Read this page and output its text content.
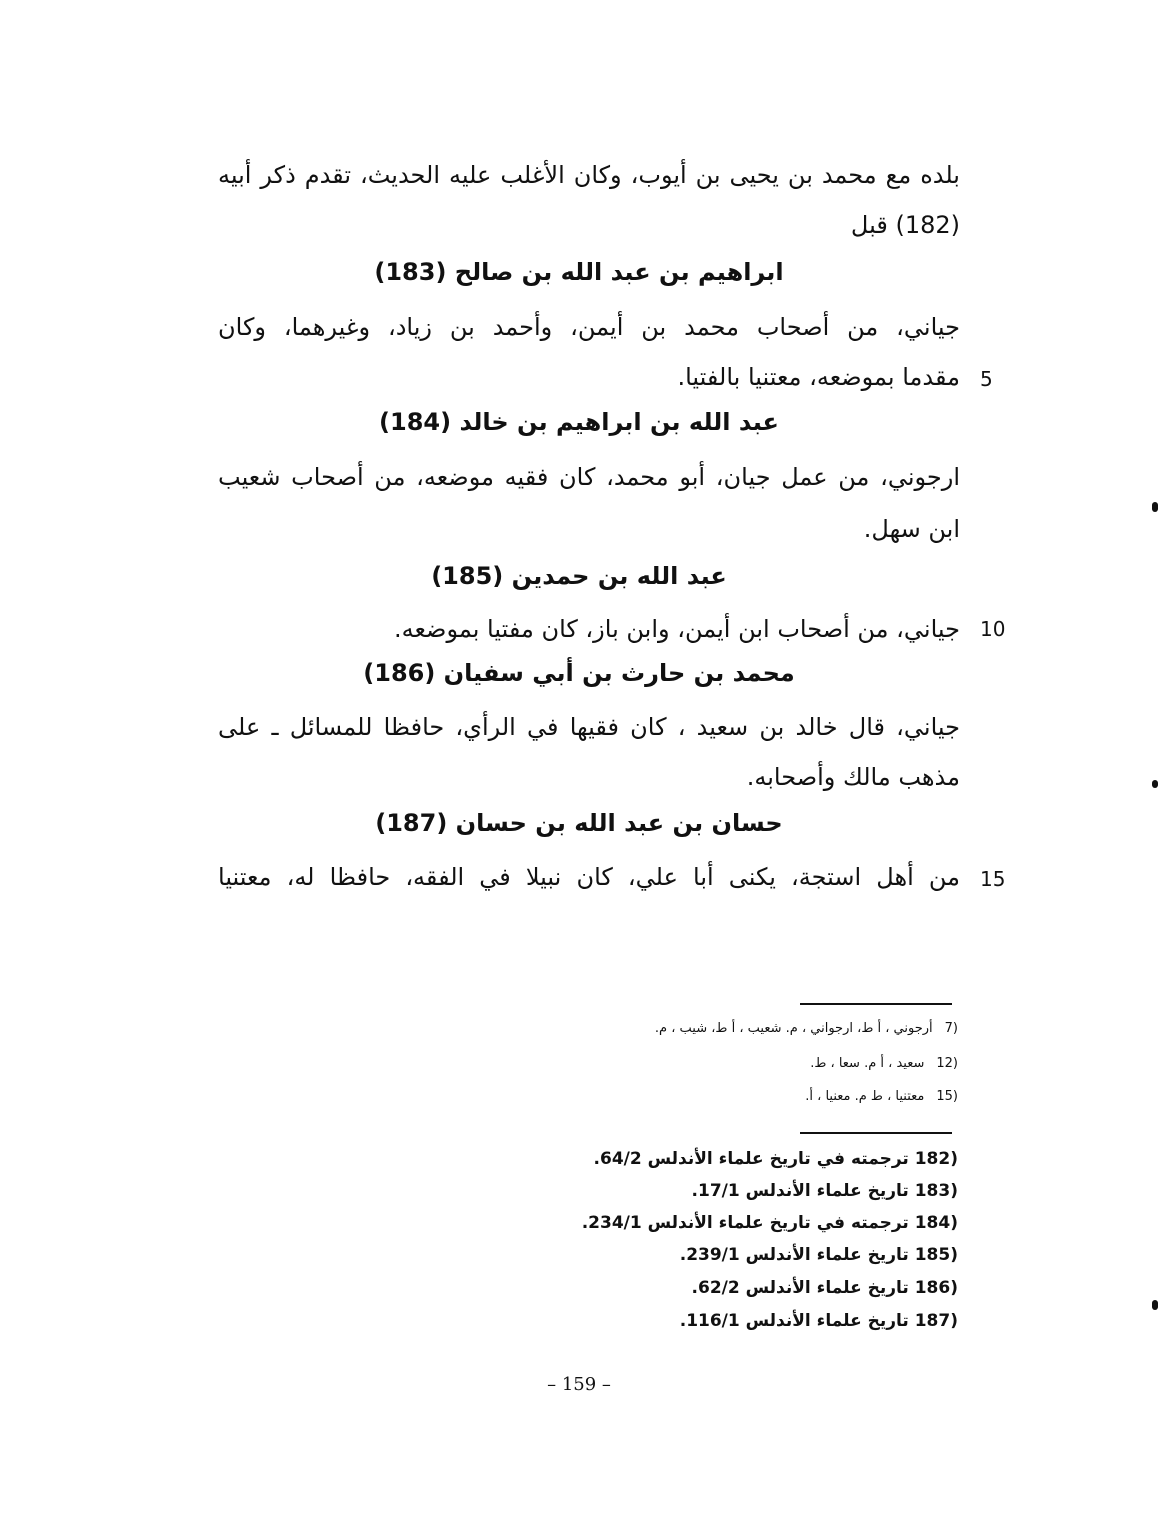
بلده مع محمد بن يحيى بن أيوب، وكان الأغلب عليه الحديث، تقدم ذكر أبيه
(182) قبل
ابراهيم بن عبد الله بن صالح (183)
جياني، من أصحاب محمد بن أيمن، وأحمد بن زياد، وغيرهما، وكان
مقدما بموضعه، معتنيا بالفتيا. 5
عبد الله بن ابراهيم بن خالد (184)
ارجوني، من عمل جيان، أبو محمد، كان فقيه موضعه، من أصحاب شعيب
ابن سهل.
عبد الله بن حمدين (185)
جياني، من أصحاب ابن أيمن، وابن باز، كان مفتيا بموضعه. 10
محمد بن حارث بن أبي سفيان (186)
جياني، قال خالد بن سعيد ، كان فقيها في الرأي، حافظا للمسائل ـ على
مذهب مالك وأصحابه.
حسان بن عبد الله بن حسان (187)
من أهل استجة، يكنى أبا علي، كان نبيلا في الفقه، حافظا له، معتنيا 15
(7أرجوني ، أ ط، ارجواني ، م. شعيب ، أ ط، شيب ، م.
(12سعيد ، أ م. سعا ، ط.
(15معتنيا ، ط م. معنيا ، أ.
(182 ترجمته في تاريخ علماء الأندلس 64/2.
(183 تاريخ علماء الأندلس 17/1.
(184 ترجمته في تاريخ علماء الأندلس 234/1.
(185 تاريخ علماء الأندلس 239/1.
(186 تاريخ علماء الأندلس 62/2.
(187 تاريخ علماء الأندلس 116/1.
– 159 –
